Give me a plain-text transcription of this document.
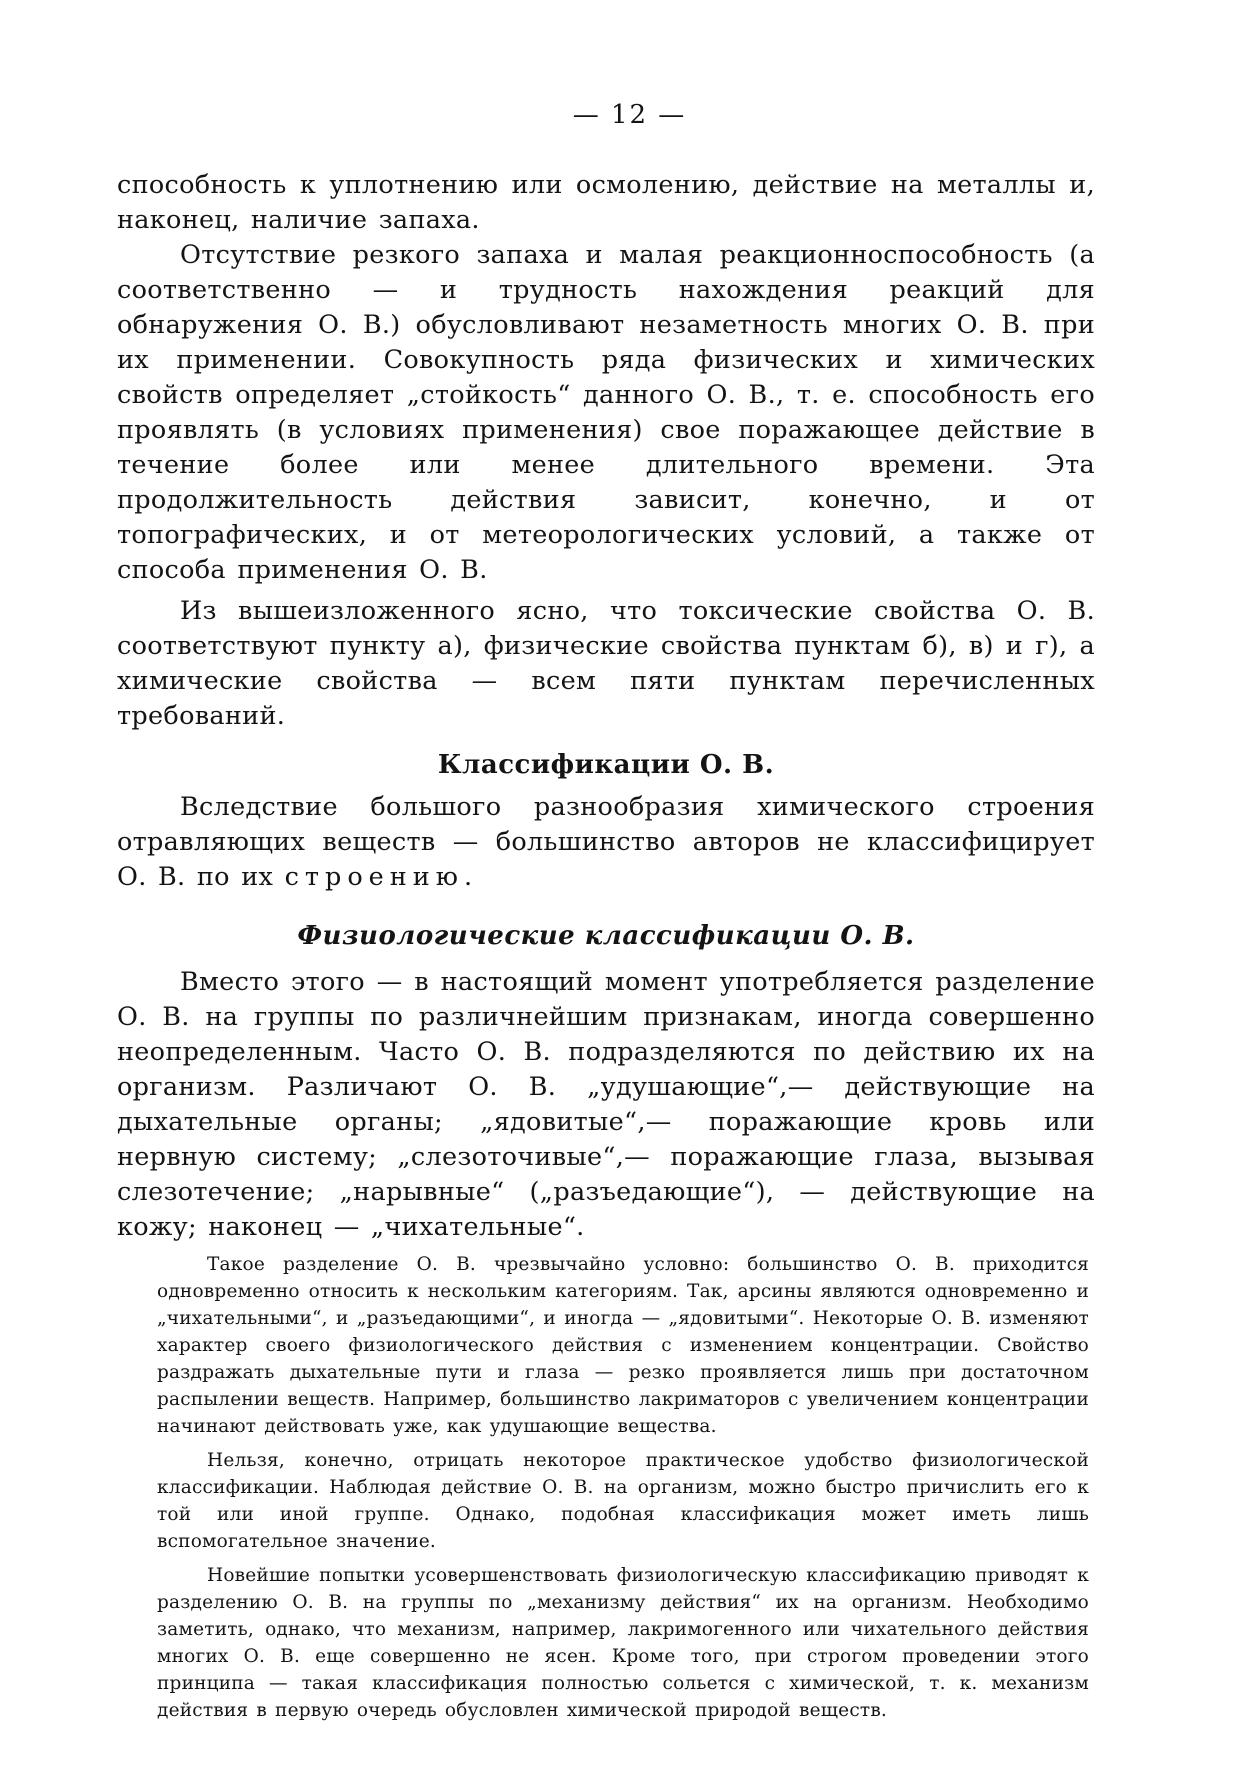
— 12 —

способность к уплотнению или осмолению, действие на металлы и, наконец, наличие запаха.

Отсутствие резкого запаха и малая реакционноспособность (а соответственно — и трудность нахождения реакций для обнаружения О. В.) обусловливают незаметность многих О. В. при их применении. Совокупность ряда физических и химических свойств определяет „стойкость“ данного О. В., т. е. способность его проявлять (в условиях применения) свое поражающее действие в течение более или менее длительного времени. Эта продолжительность действия зависит, конечно, и от топографических, и от метеорологических условий, а также от способа применения О. В.

Из вышеизложенного ясно, что токсические свойства О. В. соответствуют пункту а), физические свойства пунктам б), в) и г), а химические свойства — всем пяти пунктам перечисленных требований.

Классификации О. В.

Вследствие большого разнообразия химического строения отравляющих веществ — большинство авторов не классифицирует О. В. по их строению.

Физиологические классификации О. В.

Вместо этого — в настоящий момент употребляется разделение О. В. на группы по различнейшим признакам, иногда совершенно неопределенным. Часто О. В. подразделяются по действию их на организм. Различают О. В. „удушающие“,— действующие на дыхательные органы; „ядовитые“,— поражающие кровь или нервную систему; „слезоточивые“,— поражающие глаза, вызывая слезотечение; „нарывные“ („разъедающие“), — действующие на кожу; наконец — „чихательные“.

Такое разделение О. В. чрезвычайно условно: большинство О. В. приходится одновременно относить к нескольким категориям. Так, арсины являются одновременно и „чихательными“, и „разъедающими“, и иногда — „ядовитыми“. Некоторые О. В. изменяют характер своего физиологического действия с изменением концентрации. Свойство раздражать дыхательные пути и глаза — резко проявляется лишь при достаточном распылении веществ. Например, большинство лакриматоров с увеличением концентрации начинают действовать уже, как удушающие вещества.

Нельзя, конечно, отрицать некоторое практическое удобство физиологической классификации. Наблюдая действие О. В. на организм, можно быстро причислить его к той или иной группе. Однако, подобная классификация может иметь лишь вспомогательное значение.

Новейшие попытки усовершенствовать физиологическую классификацию приводят к разделению О. В. на группы по „механизму действия“ их на организм. Необходимо заметить, однако, что механизм, например, лакримогенного или чихательного действия многих О. В. еще совершенно не ясен. Кроме того, при строгом проведении этого принципа — такая классификация полностью сольется с химической, т. к. механизм действия в первую очередь обусловлен химической природой веществ.
